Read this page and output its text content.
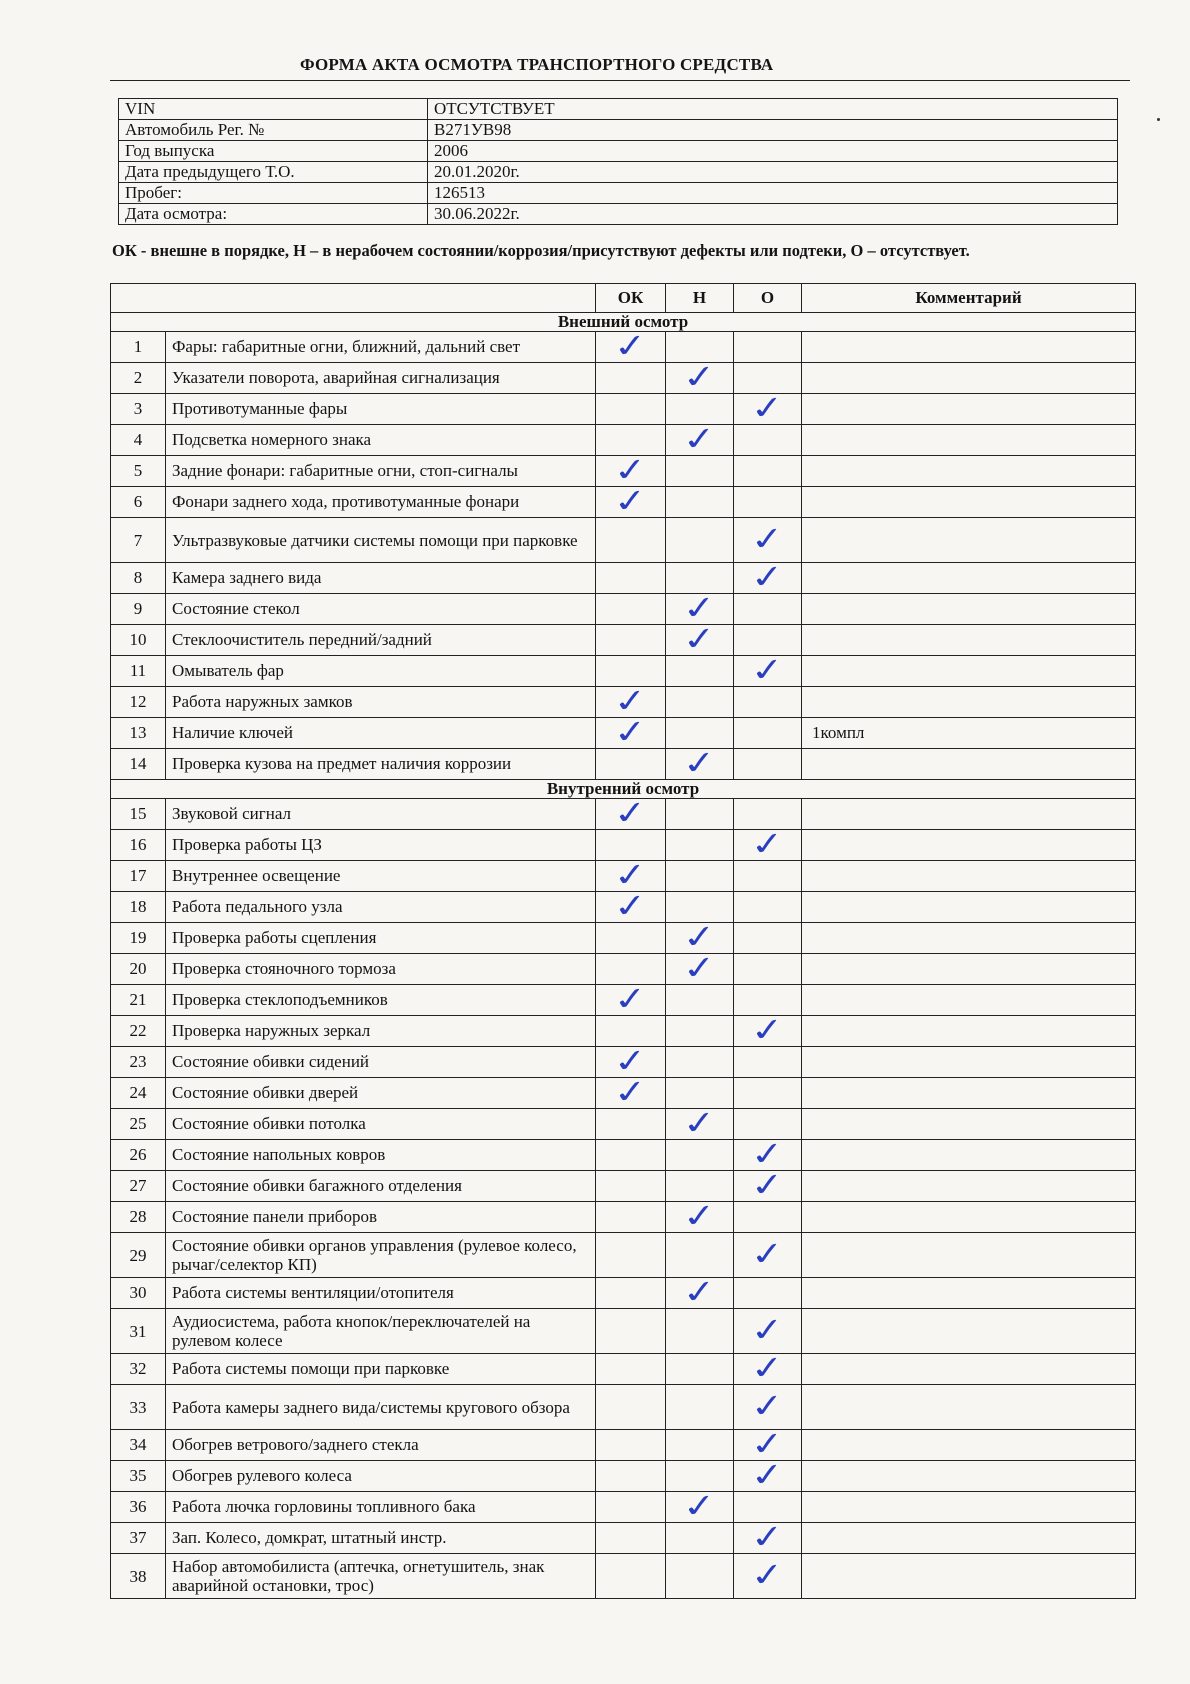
ФОРМА АКТА ОСМОТРА ТРАНСПОРТНОГО СРЕДСТВА
VIN	ОТСУТСТВУЕТ
Автомобиль Рег. №	В271УВ98
Год выпуска	2006
Дата предыдущего Т.О.	20.01.2020г.
Пробег:	126513
Дата осмотра:	30.06.2022г.
ОК - внешне в порядке, Н – в нерабочем состоянии/коррозия/присутствуют дефекты или подтеки, О – отсутствует.
		ОК	Н	О	Комментарий
Внешний осмотр					
1	Фары: габаритные огни, ближний, дальний свет	✓			
2	Указатели поворота, аварийная сигнализация		✓		
3	Противотуманные фары			✓	
4	Подсветка номерного знака		✓		
5	Задние фонари: габаритные огни, стоп-сигналы	✓			
6	Фонари заднего хода, противотуманные фонари	✓			
7	Ультразвуковые датчики системы помощи при парковке			✓	
8	Камера заднего вида			✓	
9	Состояние стекол		✓		
10	Стеклоочиститель передний/задний		✓		
11	Омыватель фар			✓	
12	Работа наружных замков	✓			
13	Наличие ключей	✓			1компл
14	Проверка кузова на предмет наличия коррозии		✓		
Внутренний осмотр					
15	Звуковой сигнал	✓			
16	Проверка работы ЦЗ			✓	
17	Внутреннее освещение	✓			
18	Работа педального узла	✓			
19	Проверка работы сцепления		✓		
20	Проверка стояночного тормоза		✓		
21	Проверка стеклоподъемников	✓			
22	Проверка наружных зеркал			✓	
23	Состояние обивки сидений	✓			
24	Состояние обивки дверей	✓			
25	Состояние обивки потолка		✓		
26	Состояние напольных ковров			✓	
27	Состояние обивки багажного отделения			✓	
28	Состояние панели приборов		✓		
29	Состояние обивки органов управления (рулевое колесо, рычаг/селектор КП)			✓	
30	Работа системы вентиляции/отопителя		✓		
31	Аудиосистема, работа кнопок/переключателей на рулевом колесе			✓	
32	Работа системы помощи при парковке			✓	
33	Работа камеры заднего вида/системы кругового обзора			✓	
34	Обогрев ветрового/заднего стекла			✓	
35	Обогрев рулевого колеса			✓	
36	Работа лючка горловины топливного бака		✓		
37	Зап. Колесо, домкрат, штатный инстр.			✓	
38	Набор автомобилиста (аптечка, огнетушитель, знак аварийной остановки, трос)			✓	
